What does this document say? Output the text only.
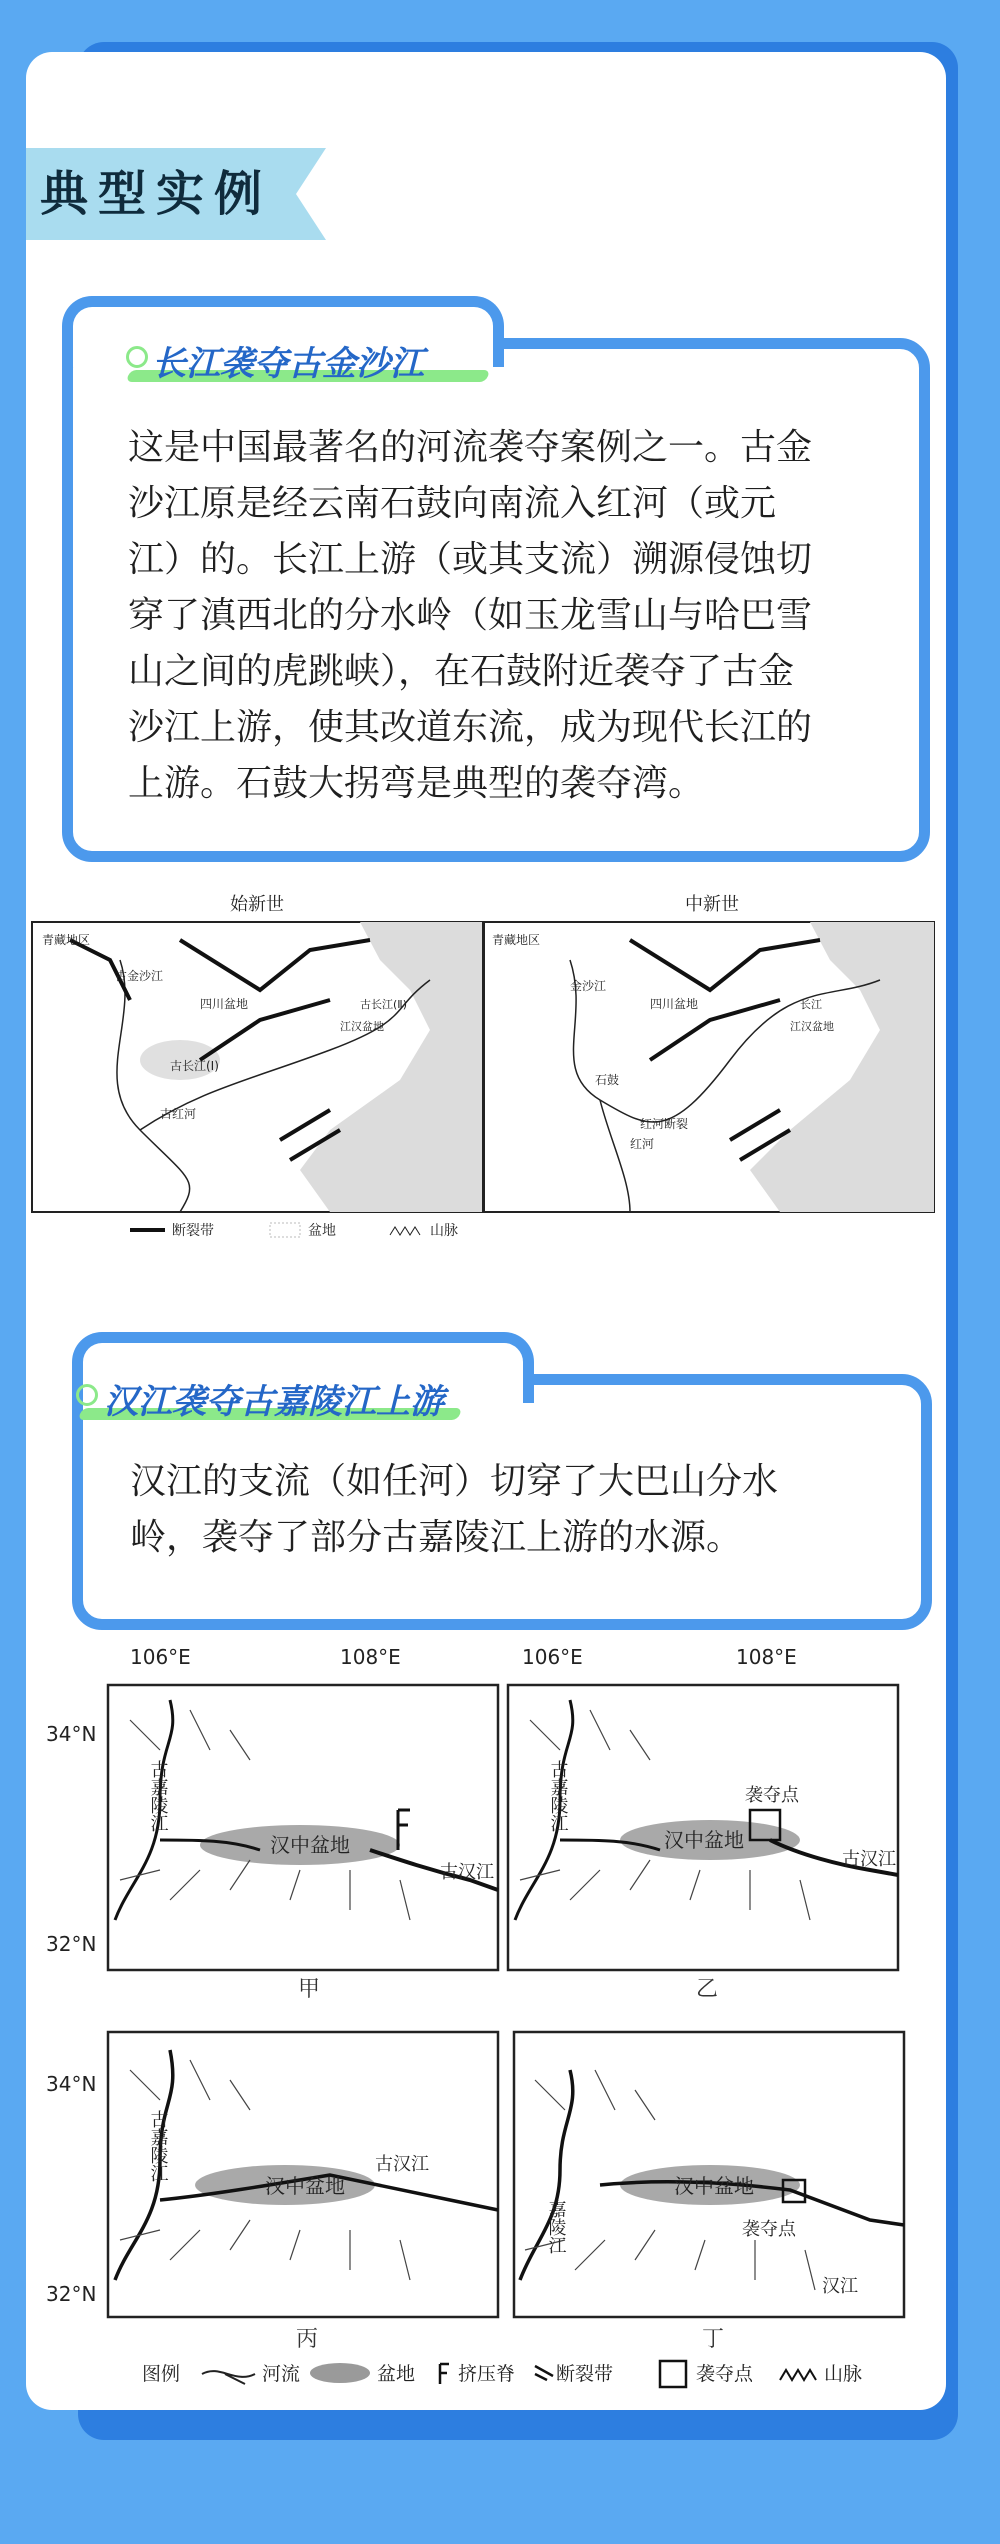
典型实例
长江袭夺古金沙江
这是中国最著名的河流袭夺案例之一。古金
沙江原是经云南石鼓向南流入红河（或元
江）的。长江上游（或其支流）溯源侵蚀切
穿了滇西北的分水岭（如玉龙雪山与哈巴雪
山之间的虎跳峡），在石鼓附近袭夺了古金
沙江上游，使其改道东流，成为现代长江的
上游。石鼓大拐弯是典型的袭夺湾。
始新世	中新世
青藏地区
古金沙江
四川盆地
江汉盆地
古长江(Ⅰ)
古长江(Ⅱ)
古红河
青藏地区
金沙江
四川盆地
江汉盆地
石鼓
红河断裂
红河
长江
断裂带	盆地	山脉
汉江袭夺古嘉陵江上游
汉江的支流（如任河）切穿了大巴山分水
岭，袭夺了部分古嘉陵江上游的水源。
106°E	108°E	106°E	108°E
34°N
32°N
34°N
32°N
古嘉陵江
汉中盆地
古汉江
甲
古嘉陵江
汉中盆地
古汉江
袭夺点
乙
古嘉陵江
汉中盆地
古汉江
丙
嘉陵江
汉中盆地
汉江
袭夺点
丁
图例	河流	盆地 挤压脊 断裂带	袭夺点	山脉
